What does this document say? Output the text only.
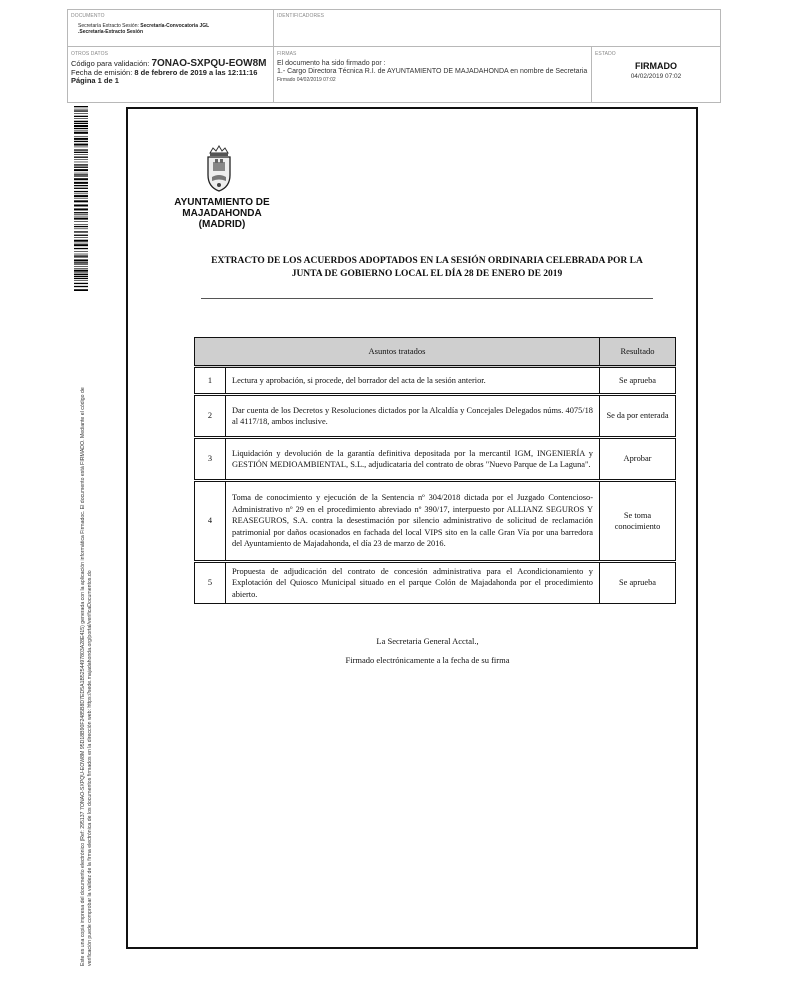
DOCUMENTO
Secretaría Extracto Sesión: Secretaría-Convocatoria JGL
.Secretaría-Extracto Sesión
IDENTIFICADORES
OTROS DATOS
Código para validación: 7ONAO-SXPQU-EOW8M
Fecha de emisión: 8 de febrero de 2019 a las 12:11:16
Página 1 de 1
FIRMAS
El documento ha sido firmado por :
1.- Cargo Directora Técnica R.I. de AYUNTAMIENTO DE MAJADAHONDA en nombre de Secretaria
Firmado 04/02/2019 07:02
ESTADO
FIRMADO
04/02/2019 07:02
Este es una copia impresa del documento electrónico (Ref: 295137 7ONAO-SXPQU-EOW8M 95D18B90F2485B8D7ED5A1B5254497803A28E415) generada con la aplicación informática Firmadoc. El documento está FIRMADO. Mediante el código de verificación puede comprobar la validez de la firma electrónica de los documentos firmados en la dirección web: https://sede.majadahonda.org/portal/verificaDocumentos.do
AYUNTAMIENTO DE
MAJADAHONDA
(MADRID)
EXTRACTO DE LOS ACUERDOS ADOPTADOS EN LA SESIÓN ORDINARIA CELEBRADA POR LA
JUNTA DE GOBIERNO LOCAL EL DÍA 28 DE ENERO DE 2019
Asuntos tratados		Resultado
1	Lectura y aprobación, si procede, del borrador del acta de la sesión anterior.	Se aprueba
2	Dar cuenta de los Decretos y Resoluciones dictados por la Alcaldía y Concejales Delegados núms. 4075/18 al 4117/18, ambos inclusive.	Se da por enterada
3	Liquidación y devolución de la garantía definitiva depositada por la mercantil IGM, INGENIERÍA y GESTIÓN MEDIOAMBIENTAL, S.L., adjudicataria del contrato de obras "Nuevo Parque de La Laguna".	Aprobar
4	Toma de conocimiento y ejecución de la Sentencia nº 304/2018 dictada por el Juzgado Contencioso-Administrativo nº 29 en el procedimiento abreviado nº 390/17, interpuesto por ALLIANZ SEGUROS Y REASEGUROS, S.A. contra la desestimación por silencio administrativo de solicitud de reclamación patrimonial por daños ocasionados en fachada del local VIPS sito en la calle Gran Vía por una barredora del Ayuntamiento de Majadahonda, el día 23 de marzo de 2016.	Se toma conocimiento
5	Propuesta de adjudicación del contrato de concesión administrativa para el Acondicionamiento y Explotación del Quiosco Municipal situado en el parque Colón de Majadahonda por el procedimiento abierto.	Se aprueba
La Secretaria General Acctal.,
Firmado electrónicamente a la fecha de su firma
